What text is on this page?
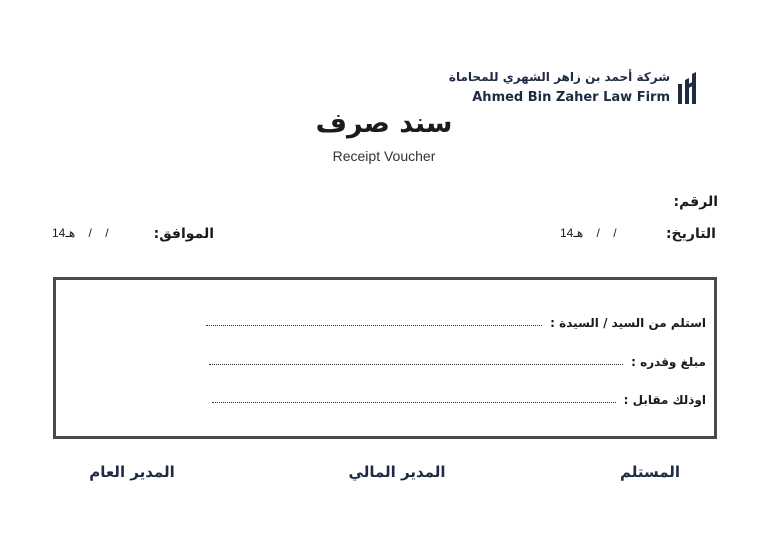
شركة أحمد بن زاهر الشهري للمحاماة
Ahmed Bin Zaher Law Firm
سند صرف
Receipt Voucher
الرقم:
التاريخ:
14هـ    /    /
الموافق:
14هـ    /    /
استلم من السيد / السيدة :
مبلغ وقدره :
اوذلك مقابل :
المستلم
المدير المالي
المدير العام
